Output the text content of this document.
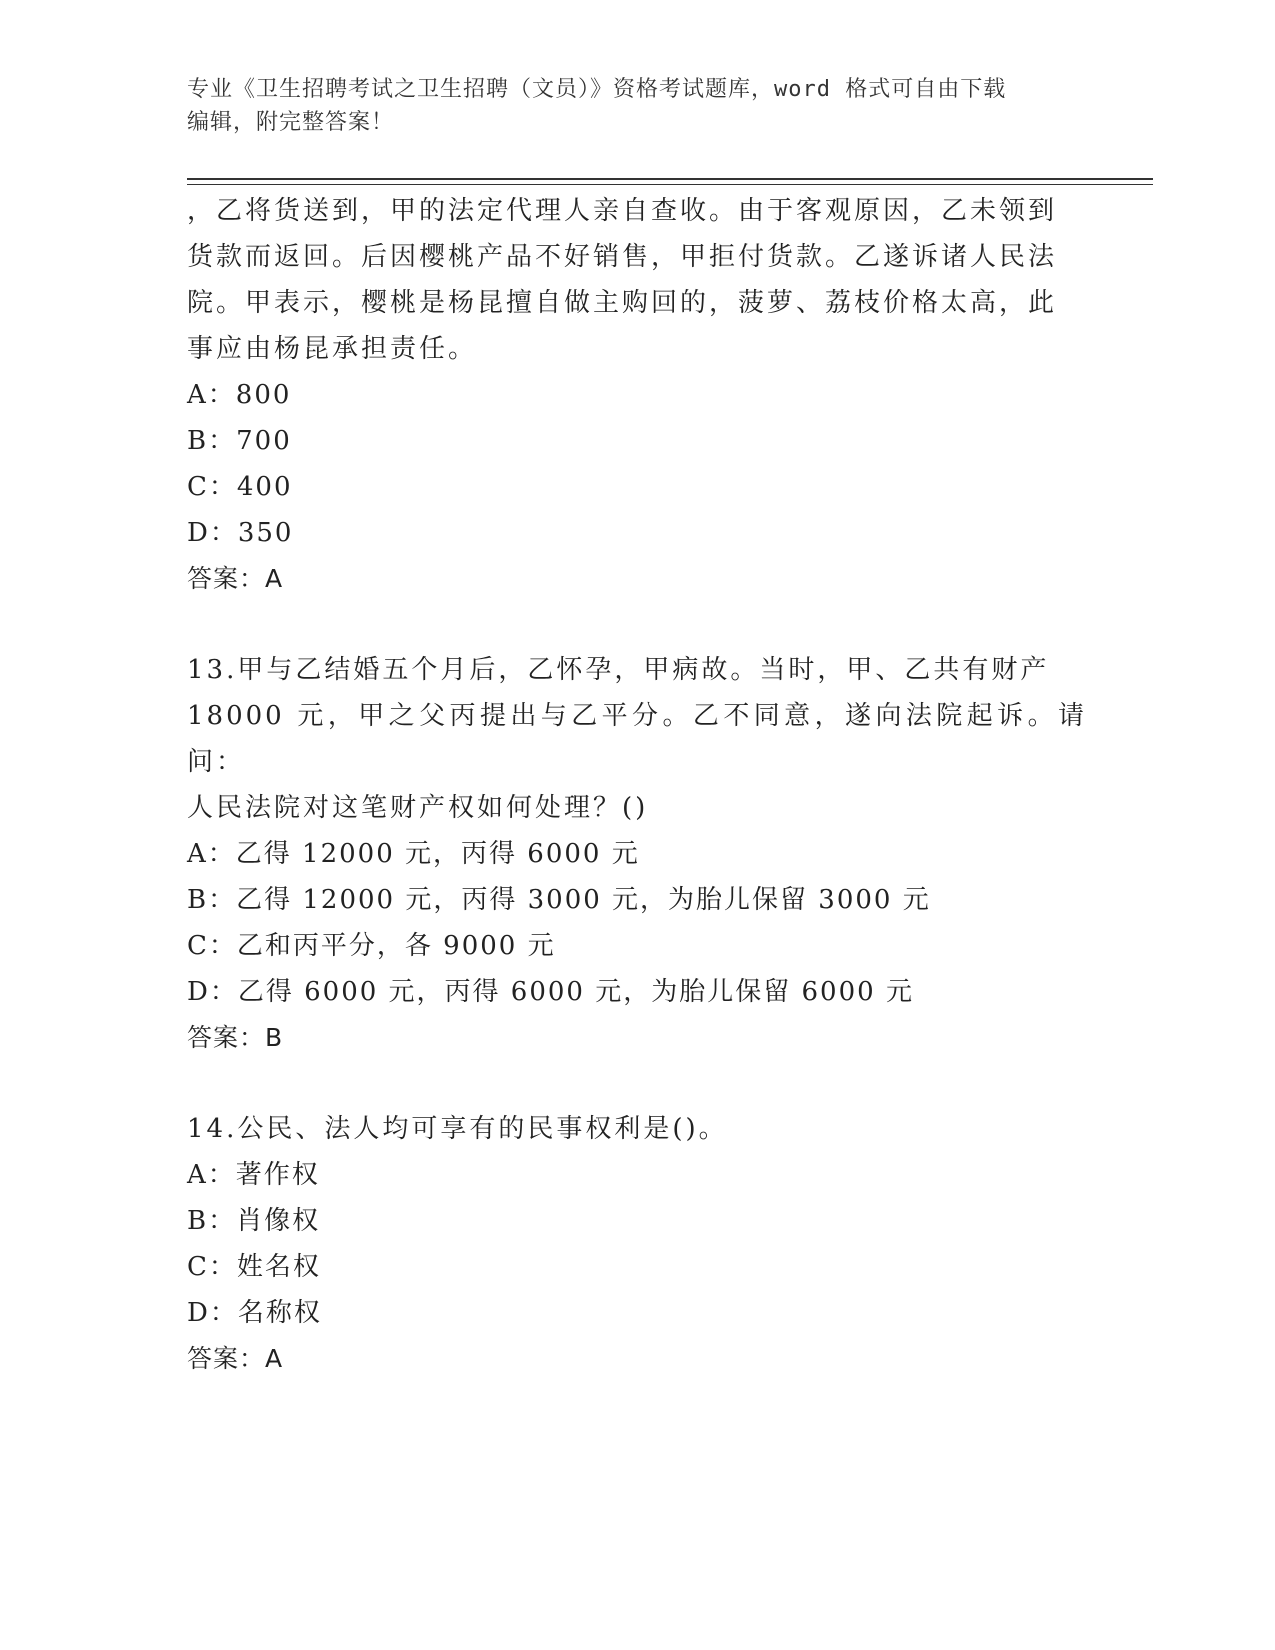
专业《卫生招聘考试之卫生招聘（文员）》资格考试题库，word 格式可自由下载
编辑，附完整答案！

，乙将货送到，甲的法定代理人亲自查收。由于客观原因，乙未领到

货款而返回。后因樱桃产品不好销售，甲拒付货款。乙遂诉诸人民法

院。甲表示，樱桃是杨昆擅自做主购回的，菠萝、荔枝价格太高，此

事应由杨昆承担责任。

A：800

B：700

C：400

D：350

答案：A

13.甲与乙结婚五个月后，乙怀孕，甲病故。当时，甲、乙共有财产

18000 元，甲之父丙提出与乙平分。乙不同意，遂向法院起诉。请问：

人民法院对这笔财产权如何处理？()

A：乙得 12000 元，丙得 6000 元

B：乙得 12000 元，丙得 3000 元，为胎儿保留 3000 元

C：乙和丙平分，各 9000 元

D：乙得 6000 元，丙得 6000 元，为胎儿保留 6000 元

答案：B

14.公民、法人均可享有的民事权利是()。

A：著作权

B：肖像权

C：姓名权

D：名称权

答案：A
